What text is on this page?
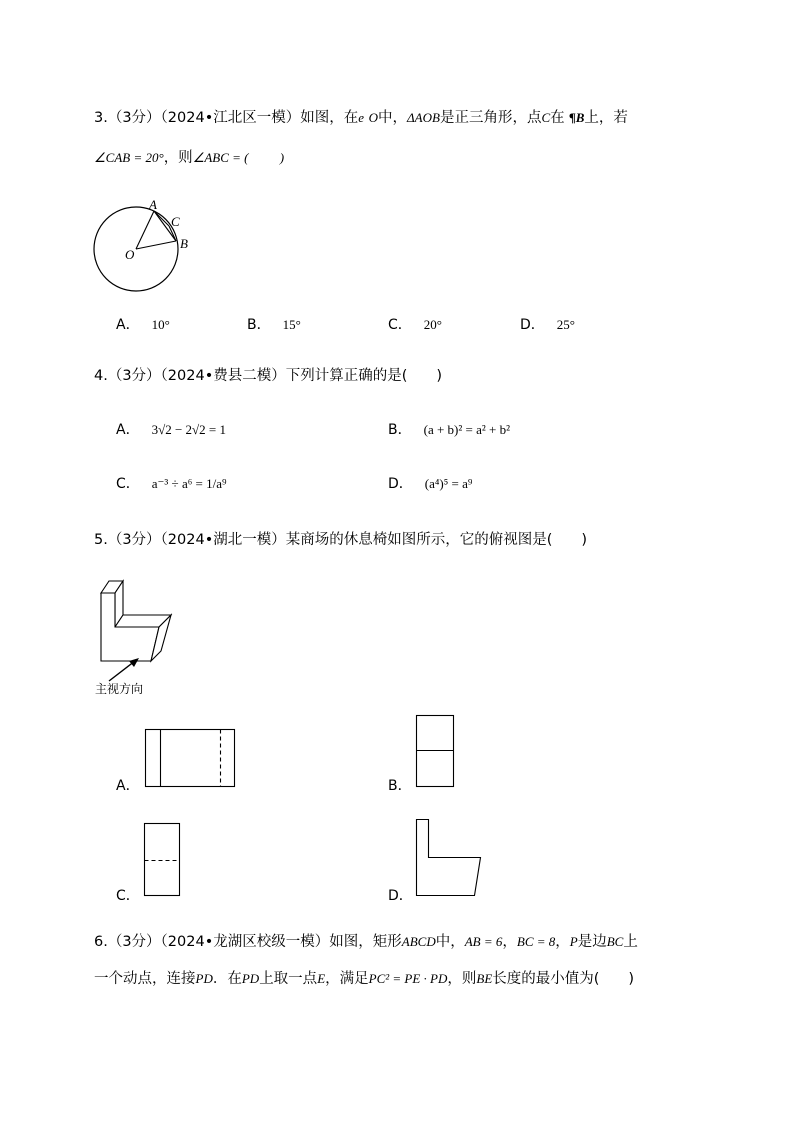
3.（3分）（2024•江北区一模）如图，在e O中，ΔAOB是正三角形，点C在 ¶B上，若
∠CAB = 20°，则∠ABC = ( )
A
C
B
O
A． 10°	B． 15°	C． 20°	D． 25°
4.（3分）（2024•费县二模）下列计算正确的是(　　)
A． 3√2 − 2√2 = 1	B． (a + b)² = a² + b²
C． a⁻³ ÷ a⁶ = 1/a⁹	D． (a⁴)⁵ = a⁹
5.（3分）（2024•湖北一模）某商场的休息椅如图所示，它的俯视图是(　　)
主视方向
A．	B．
C．	D．
6.（3分）（2024•龙湖区校级一模）如图，矩形ABCD中，AB = 6，BC = 8，P是边BC上
一个动点，连接PD．在PD上取一点E，满足PC² = PE · PD，则BE长度的最小值为(　　)
